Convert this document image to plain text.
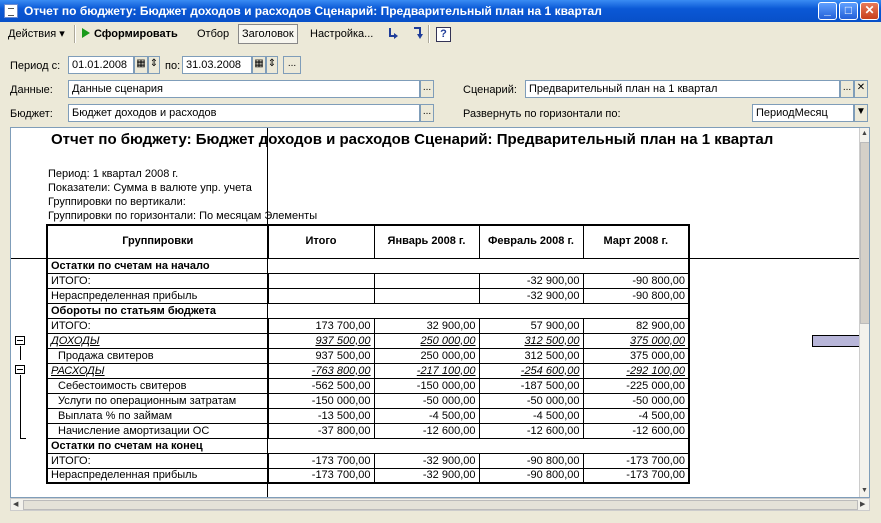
Отчет по бюджету: Бюджет доходов и расходов Сценарий: Предварительный план на 1 квартал	_	□	✕
Действия ▾	Сформировать	Отбор	Заголовок	Настройка...	?
Период с:	01.01.2008 ▦ ⇕ по: 31.03.2008	▦ ⇕	...
Данные:	Данные сценария	...
Бюджет:	Бюджет доходов и расходов	...
Сценарий:	Предварительный план на 1 квартал	... ✕
Развернуть по горизонтали по:	ПериодМесяц	▼
Отчет по бюджету: Бюджет доходов и расходов Сценарий: Предварительный план на 1 квартал
Период: 1 квартал 2008 г.
Показатели: Сумма в валюте упр. учета
Группировки по вертикали:
Группировки по горизонтали: По месяцам Элементы
Группировки	Итого	Январь 2008 г.	Февраль 2008 г.	Март 2008 г.
Остатки по счетам на начало				
ИТОГО:			-32 900,00	-90 800,00
Нераспределенная прибыль			-32 900,00	-90 800,00
Обороты по статьям бюджета				
ИТОГО:	173 700,00	32 900,00	57 900,00	82 900,00
ДОХОДЫ	937 500,00	250 000,00	312 500,00	375 000,00
Продажа свитеров	937 500,00	250 000,00	312 500,00	375 000,00
РАСХОДЫ	-763 800,00	-217 100,00	-254 600,00	-292 100,00
Себестоимость свитеров	-562 500,00	-150 000,00	-187 500,00	-225 000,00
Услуги по операционным затратам	-150 000,00	-50 000,00	-50 000,00	-50 000,00
Выплата % по займам	-13 500,00	-4 500,00	-4 500,00	-4 500,00
Начисление амортизации ОС	-37 800,00	-12 600,00	-12 600,00	-12 600,00
Остатки по счетам на конец				
ИТОГО:	-173 700,00	-32 900,00	-90 800,00	-173 700,00
Нераспределенная прибыль	-173 700,00	-32 900,00	-90 800,00	-173 700,00
▲
▼
◀	▶
